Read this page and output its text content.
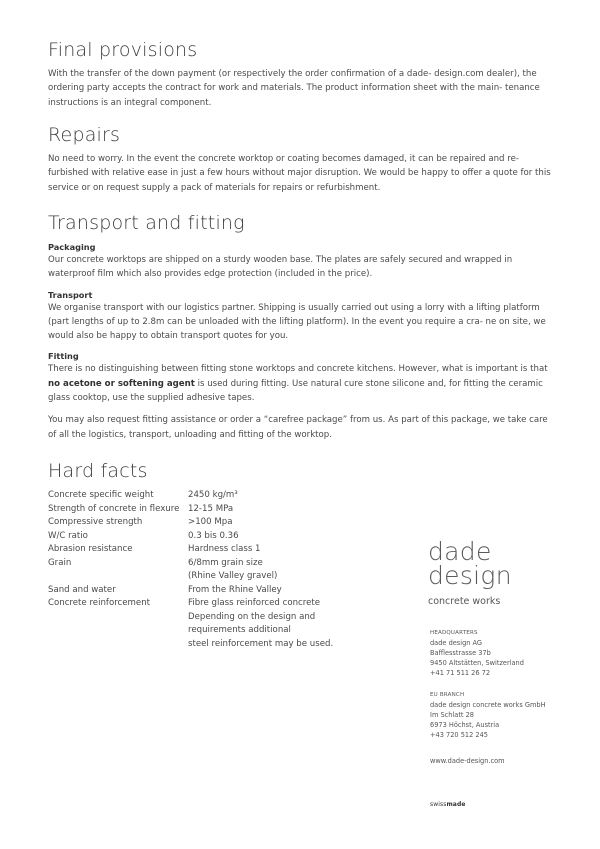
Final provisions

With the transfer of the down payment (or respectively the order confirmation of a dade- design.com dealer), the ordering party accepts the contract for work and materials. The product information sheet with the main- tenance instructions is an integral component.

Repairs

No need to worry. In the event the concrete worktop or coating becomes damaged, it can be repaired and re- furbished with relative ease in just a few hours without major disruption. We would be happy to offer a quote for this service or on request supply a pack of materials for repairs or refurbishment.

Transport and fitting
Packaging

Our concrete worktops are shipped on a sturdy wooden base. The plates are safely secured and wrapped in waterproof film which also provides edge protection (included in the price).

Transport

We organise transport with our logistics partner. Shipping is usually carried out using a lorry with a lifting platform (part lengths of up to 2.8m can be unloaded with the lifting platform). In the event you require a cra- ne on site, we would also be happy to obtain transport quotes for you.

Fitting

There is no distinguishing between fitting stone worktops and concrete kitchens. However, what is important is that no acetone or softening agent is used during fitting. Use natural cure stone silicone and, for fitting the ceramic glass cooktop, use the supplied adhesive tapes.

You may also request fitting assistance or order a “carefree package” from us. As part of this package, we take care of all the logistics, transport, unloading and fitting of the worktop.

Hard facts
Concrete specific weight	2450 kg/m³
Strength of concrete in flexure	12-15 MPa
Compressive strength	>100 Mpa
W/C ratio	0.3 bis 0.36
Abrasion resistance	Hardness class 1
Grain	6/8mm grain size
(Rhine Valley gravel)
Sand and water	From the Rhine Valley
Concrete reinforcement	Fibre glass reinforced concrete
Depending on the design and
requirements additional
steel reinforcement may be used.
dade
design
concrete works
HEADQUARTERS
dade design AG
Bafflesstrasse 37b
9450 Altstätten, Switzerland
+41 71 511 26 72
EU BRANCH
dade design concrete works GmbH
Im Schlatt 28
6973 Höchst, Austria
+43 720 512 245
www.dade-design.com
swissmade
